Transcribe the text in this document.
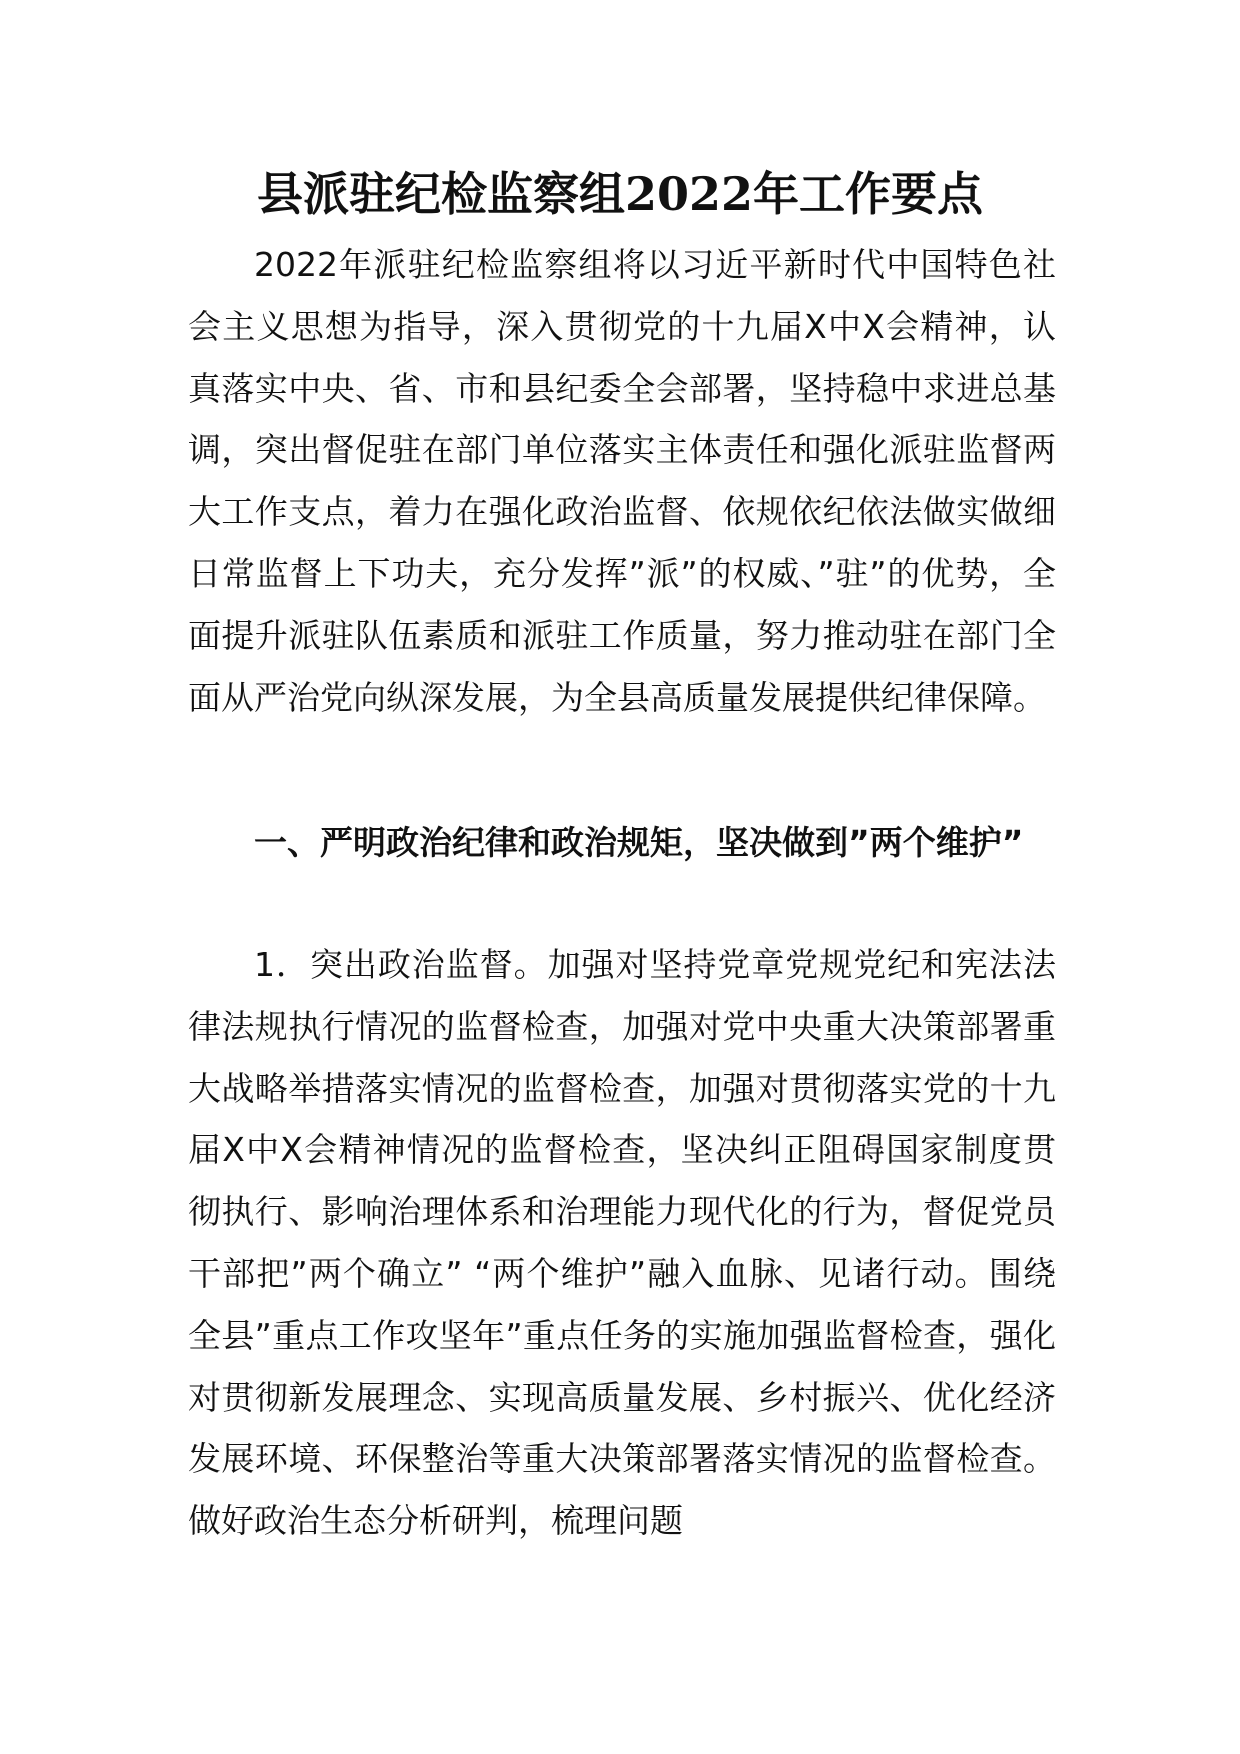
县派驻纪检监察组2022年工作要点

2022年派驻纪检监察组将以习近平新时代中国特色社会主义思想为指导，深入贯彻党的十九届X中X会精神，认真落实中央、省、市和县纪委全会部署，坚持稳中求进总基调，突出督促驻在部门单位落实主体责任和强化派驻监督两大工作支点，着力在强化政治监督、依规依纪依法做实做细日常监督上下功夫，充分发挥”派”的权威、”驻”的优势，全面提升派驻队伍素质和派驻工作质量，努力推动驻在部门全面从严治党向纵深发展，为全县高质量发展提供纪律保障。

一、严明政治纪律和政治规矩，坚决做到”两个维护”

1．突出政治监督。加强对坚持党章党规党纪和宪法法律法规执行情况的监督检查，加强对党中央重大决策部署重大战略举措落实情况的监督检查，加强对贯彻落实党的十九届X中X会精神情况的监督检查，坚决纠正阻碍国家制度贯彻执行、影响治理体系和治理能力现代化的行为，督促党员干部把”两个确立” “两个维护”融入血脉、见诸行动。围绕全县”重点工作攻坚年”重点任务的实施加强监督检查，强化对贯彻新发展理念、实现高质量发展、乡村振兴、优化经济发展环境、环保整治等重大决策部署落实情况的监督检查。做好政治生态分析研判，梳理问题
